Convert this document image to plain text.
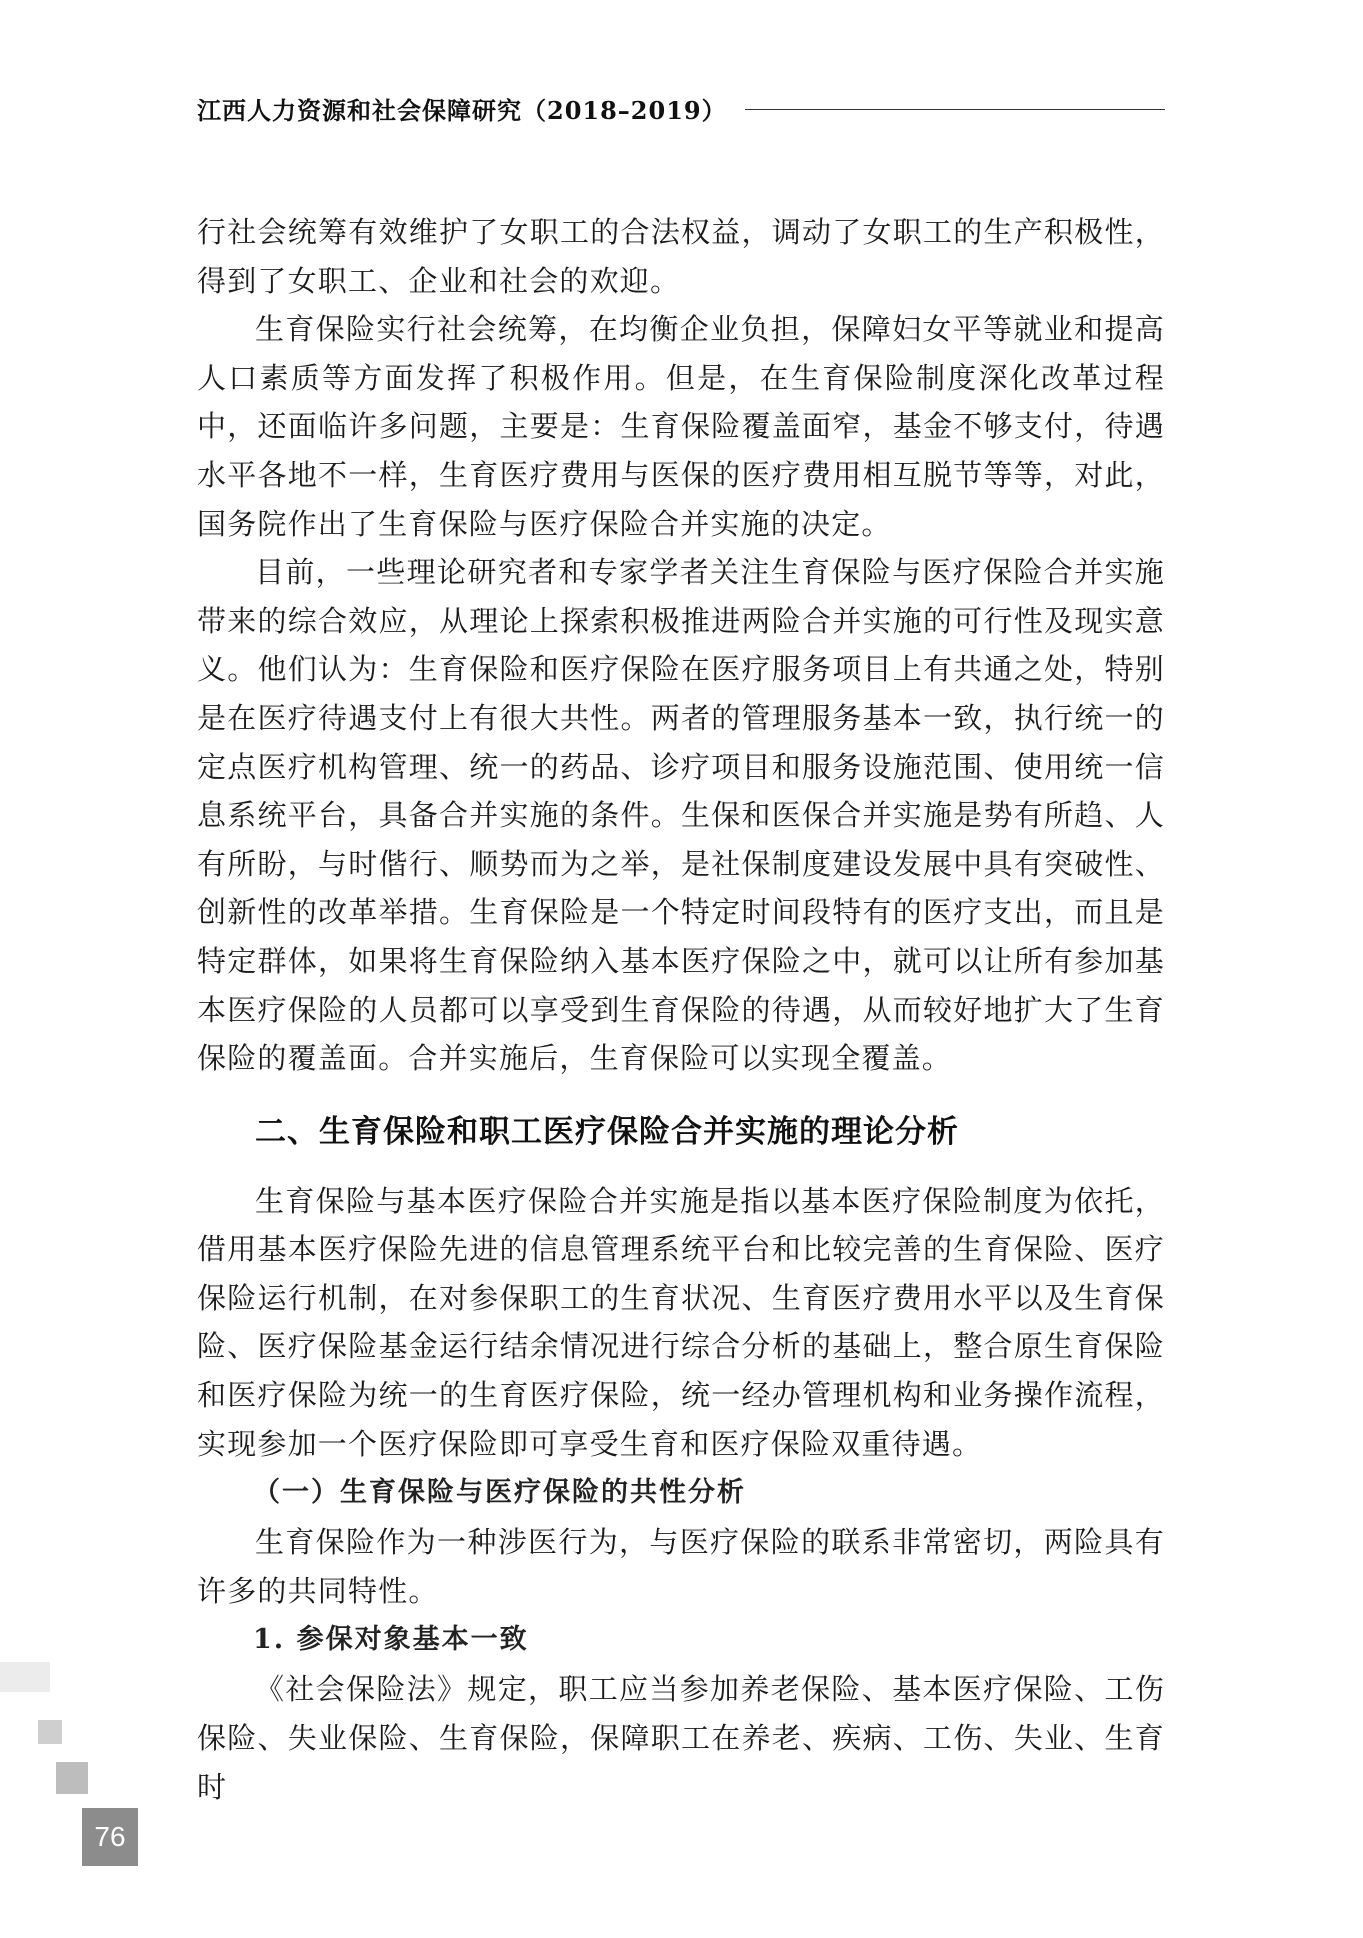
江西人力资源和社会保障研究（2018–2019）

行社会统筹有效维护了女职工的合法权益，调动了女职工的生产积极性，得到了女职工、企业和社会的欢迎。

生育保险实行社会统筹，在均衡企业负担，保障妇女平等就业和提高人口素质等方面发挥了积极作用。但是，在生育保险制度深化改革过程中，还面临许多问题，主要是：生育保险覆盖面窄，基金不够支付，待遇水平各地不一样，生育医疗费用与医保的医疗费用相互脱节等等，对此，国务院作出了生育保险与医疗保险合并实施的决定。

目前，一些理论研究者和专家学者关注生育保险与医疗保险合并实施带来的综合效应，从理论上探索积极推进两险合并实施的可行性及现实意义。他们认为：生育保险和医疗保险在医疗服务项目上有共通之处，特别是在医疗待遇支付上有很大共性。两者的管理服务基本一致，执行统一的定点医疗机构管理、统一的药品、诊疗项目和服务设施范围、使用统一信息系统平台，具备合并实施的条件。生保和医保合并实施是势有所趋、人有所盼，与时偕行、顺势而为之举，是社保制度建设发展中具有突破性、创新性的改革举措。生育保险是一个特定时间段特有的医疗支出，而且是特定群体，如果将生育保险纳入基本医疗保险之中，就可以让所有参加基本医疗保险的人员都可以享受到生育保险的待遇，从而较好地扩大了生育保险的覆盖面。合并实施后，生育保险可以实现全覆盖。

二、生育保险和职工医疗保险合并实施的理论分析

生育保险与基本医疗保险合并实施是指以基本医疗保险制度为依托，借用基本医疗保险先进的信息管理系统平台和比较完善的生育保险、医疗保险运行机制，在对参保职工的生育状况、生育医疗费用水平以及生育保险、医疗保险基金运行结余情况进行综合分析的基础上，整合原生育保险和医疗保险为统一的生育医疗保险，统一经办管理机构和业务操作流程，实现参加一个医疗保险即可享受生育和医疗保险双重待遇。

（一）生育保险与医疗保险的共性分析

生育保险作为一种涉医行为，与医疗保险的联系非常密切，两险具有许多的共同特性。

1. 参保对象基本一致

《社会保险法》规定，职工应当参加养老保险、基本医疗保险、工伤保险、失业保险、生育保险，保障职工在养老、疾病、工伤、失业、生育时

76
